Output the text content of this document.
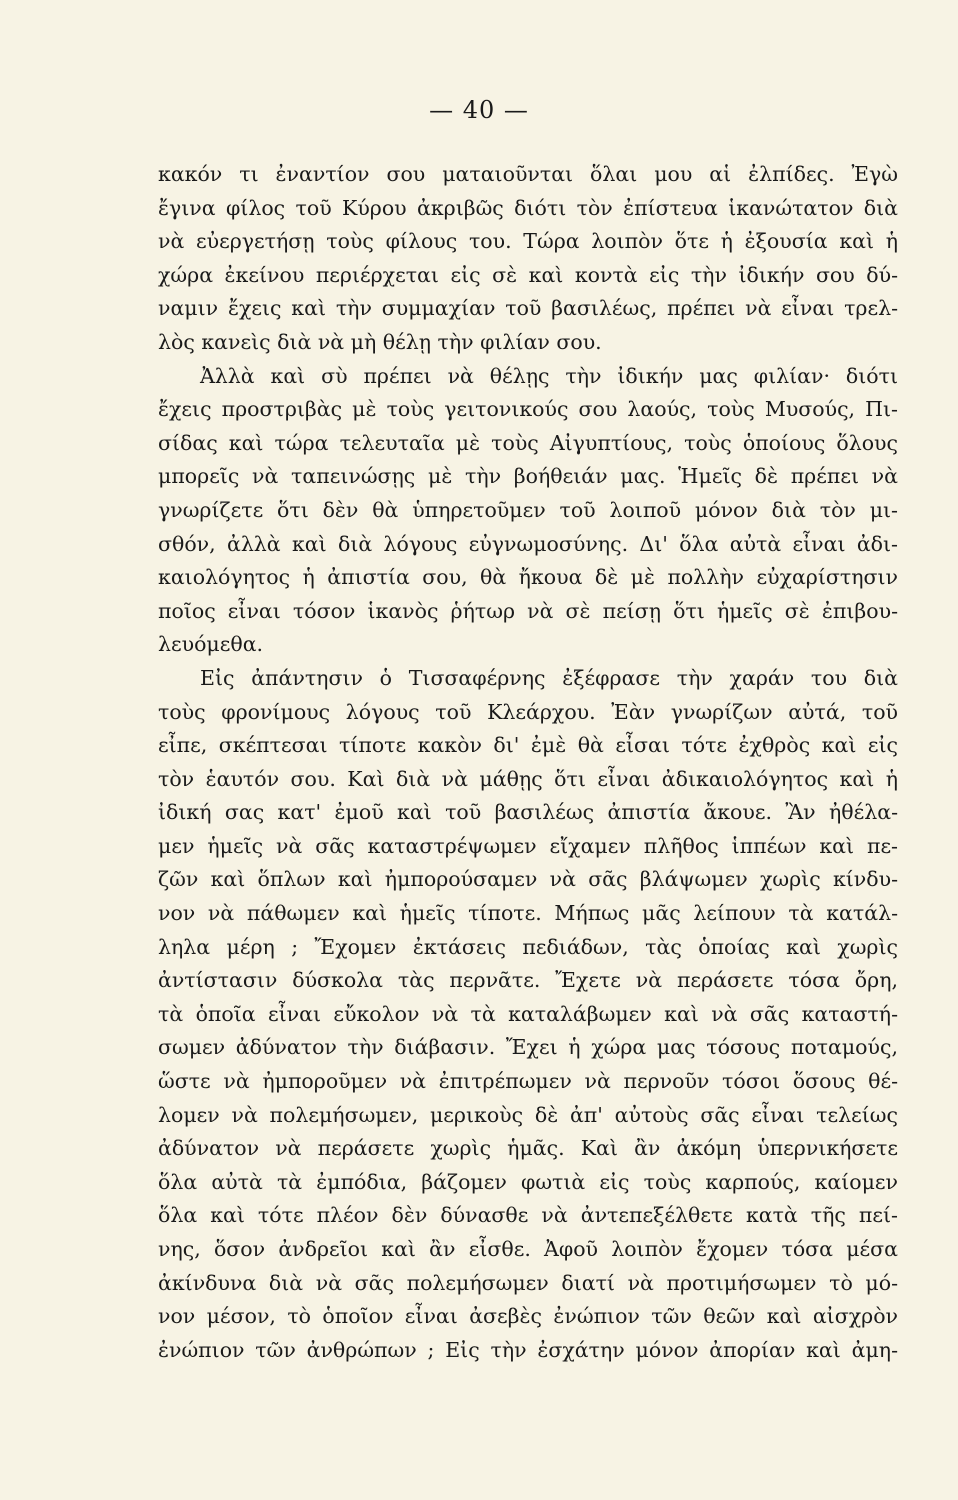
— 40 —
κακόν τι ἐναντίον σου ματαιοῦνται ὅλαι μου αἱ ἐλπίδες. Ἐγὼ
ἔγινα φίλος τοῦ Κύρου ἀκριβῶς διότι τὸν ἐπίστευα ἱκανώτατον διὰ
νὰ εὐεργετήσῃ τοὺς φίλους του. Τώρα λοιπὸν ὅτε ἡ ἐξουσία καὶ ἡ
χώρα ἐκείνου περιέρχεται εἰς σὲ καὶ κοντὰ εἰς τὴν ἰδικήν σου δύ-
ναμιν ἔχεις καὶ τὴν συμμαχίαν τοῦ βασιλέως, πρέπει νὰ εἶναι τρελ-
λὸς κανεὶς διὰ νὰ μὴ θέλῃ τὴν φιλίαν σου.
Ἀλλὰ καὶ σὺ πρέπει νὰ θέλῃς τὴν ἰδικήν μας φιλίαν· διότι
ἔχεις προστριβὰς μὲ τοὺς γειτονικούς σου λαούς, τοὺς Μυσούς, Πι-
σίδας καὶ τώρα τελευταῖα μὲ τοὺς Αἰγυπτίους, τοὺς ὁποίους ὅλους
μπορεῖς νὰ ταπεινώσῃς μὲ τὴν βοήθειάν μας. Ἡμεῖς δὲ πρέπει νὰ
γνωρίζετε ὅτι δὲν θὰ ὑπηρετοῦμεν τοῦ λοιποῦ μόνον διὰ τὸν μι-
σθόν, ἀλλὰ καὶ διὰ λόγους εὐγνωμοσύνης. Δι' ὅλα αὐτὰ εἶναι ἀδι-
καιολόγητος ἡ ἀπιστία σου, θὰ ἤκουα δὲ μὲ πολλὴν εὐχαρίστησιν
ποῖος εἶναι τόσον ἱκανὸς ῥήτωρ νὰ σὲ πείσῃ ὅτι ἡμεῖς σὲ ἐπιβου-
λευόμεθα.
Εἰς ἀπάντησιν ὁ Τισσαφέρνης ἐξέφρασε τὴν χαράν του διὰ
τοὺς φρονίμους λόγους τοῦ Κλεάρχου. Ἐὰν γνωρίζων αὐτά, τοῦ
εἶπε, σκέπτεσαι τίποτε κακὸν δι' ἐμὲ θὰ εἶσαι τότε ἐχθρὸς καὶ εἰς
τὸν ἑαυτόν σου. Καὶ διὰ νὰ μάθῃς ὅτι εἶναι ἀδικαιολόγητος καὶ ἡ
ἰδική σας κατ' ἐμοῦ καὶ τοῦ βασιλέως ἀπιστία ἄκουε. Ἂν ἠθέλα-
μεν ἡμεῖς νὰ σᾶς καταστρέψωμεν εἴχαμεν πλῆθος ἱππέων καὶ πε-
ζῶν καὶ ὅπλων καὶ ἠμπορούσαμεν νὰ σᾶς βλάψωμεν χωρὶς κίνδυ-
νον νὰ πάθωμεν καὶ ἡμεῖς τίποτε. Μήπως μᾶς λείπουν τὰ κατάλ-
ληλα μέρη ; Ἔχομεν ἐκτάσεις πεδιάδων, τὰς ὁποίας καὶ χωρὶς
ἀντίστασιν δύσκολα τὰς περνᾶτε. Ἔχετε νὰ περάσετε τόσα ὄρη,
τὰ ὁποῖα εἶναι εὔκολον νὰ τὰ καταλάβωμεν καὶ νὰ σᾶς καταστή-
σωμεν ἀδύνατον τὴν διάβασιν. Ἔχει ἡ χώρα μας τόσους ποταμούς,
ὥστε νὰ ἠμποροῦμεν νὰ ἐπιτρέπωμεν νὰ περνοῦν τόσοι ὅσους θέ-
λομεν νὰ πολεμήσωμεν, μερικοὺς δὲ ἀπ' αὐτοὺς σᾶς εἶναι τελείως
ἀδύνατον νὰ περάσετε χωρὶς ἡμᾶς. Καὶ ἂν ἀκόμη ὑπερνικήσετε
ὅλα αὐτὰ τὰ ἐμπόδια, βάζομεν φωτιὰ εἰς τοὺς καρπούς, καίομεν
ὅλα καὶ τότε πλέον δὲν δύνασθε νὰ ἀντεπεξέλθετε κατὰ τῆς πεί-
νης, ὅσον ἀνδρεῖοι καὶ ἂν εἶσθε. Ἀφοῦ λοιπὸν ἔχομεν τόσα μέσα
ἀκίνδυνα διὰ νὰ σᾶς πολεμήσωμεν διατί νὰ προτιμήσωμεν τὸ μό-
νον μέσον, τὸ ὁποῖον εἶναι ἀσεβὲς ἐνώπιον τῶν θεῶν καὶ αἰσχρὸν
ἐνώπιον τῶν ἀνθρώπων ; Εἰς τὴν ἐσχάτην μόνον ἀπορίαν καὶ ἀμη-
